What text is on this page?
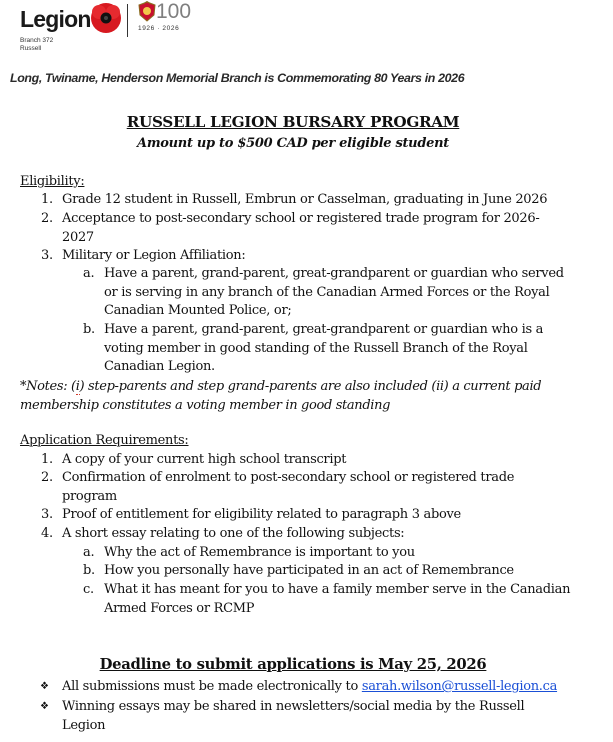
Legion
Branch 372
Russell
100
1926 · 2026
Long, Twiname, Henderson Memorial Branch is Commemorating 80 Years in 2026
RUSSELL LEGION BURSARY PROGRAM
Amount up to $500 CAD per eligible student
Eligibility:
1. Grade 12 student in Russell, Embrun or Casselman, graduating in June 2026
2. Acceptance to post-secondary school or registered trade program for 2026-
2027
3. Military or Legion Affiliation:
a. Have a parent, grand-parent, great-grandparent or guardian who served
or is serving in any branch of the Canadian Armed Forces or the Royal
Canadian Mounted Police, or;
b. Have a parent, grand-parent, great-grandparent or guardian who is a
voting member in good standing of the Russell Branch of the Royal
Canadian Legion.
*Notes: (i) step-parents and step grand-parents are also included (ii) a current paid
membership constitutes a voting member in good standing
Application Requirements:
1. A copy of your current high school transcript
2. Confirmation of enrolment to post-secondary school or registered trade
program
3. Proof of entitlement for eligibility related to paragraph 3 above
4. A short essay relating to one of the following subjects:
a. Why the act of Remembrance is important to you
b. How you personally have participated in an act of Remembrance
c. What it has meant for you to have a family member serve in the Canadian
Armed Forces or RCMP
Deadline to submit applications is May 25, 2026
❖ All submissions must be made electronically to sarah.wilson@russell-legion.ca
❖ Winning essays may be shared in newsletters/social media by the Russell
Legion
